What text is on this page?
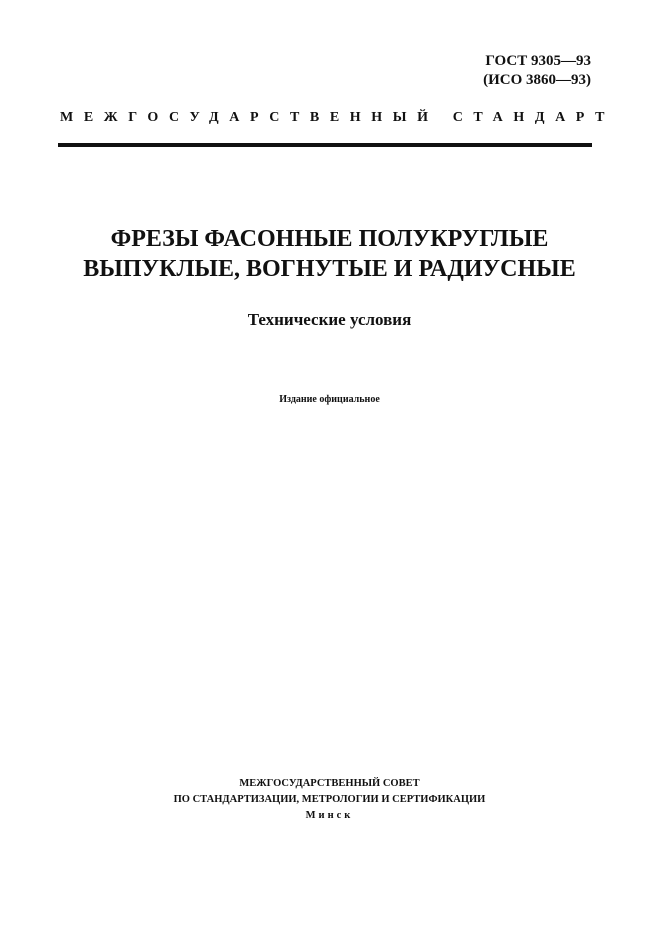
ГОСТ 9305—93
(ИСО 3860—93)
МЕЖГОСУДАРСТВЕННЫЙ СТАНДАРТ
ФРЕЗЫ ФАСОННЫЕ ПОЛУКРУГЛЫЕ
ВЫПУКЛЫЕ, ВОГНУТЫЕ И РАДИУСНЫЕ
Технические условия
Издание официальное
МЕЖГОСУДАРСТВЕННЫЙ СОВЕТ
ПО СТАНДАРТИЗАЦИИ, МЕТРОЛОГИИ И СЕРТИФИКАЦИИ
Минск
